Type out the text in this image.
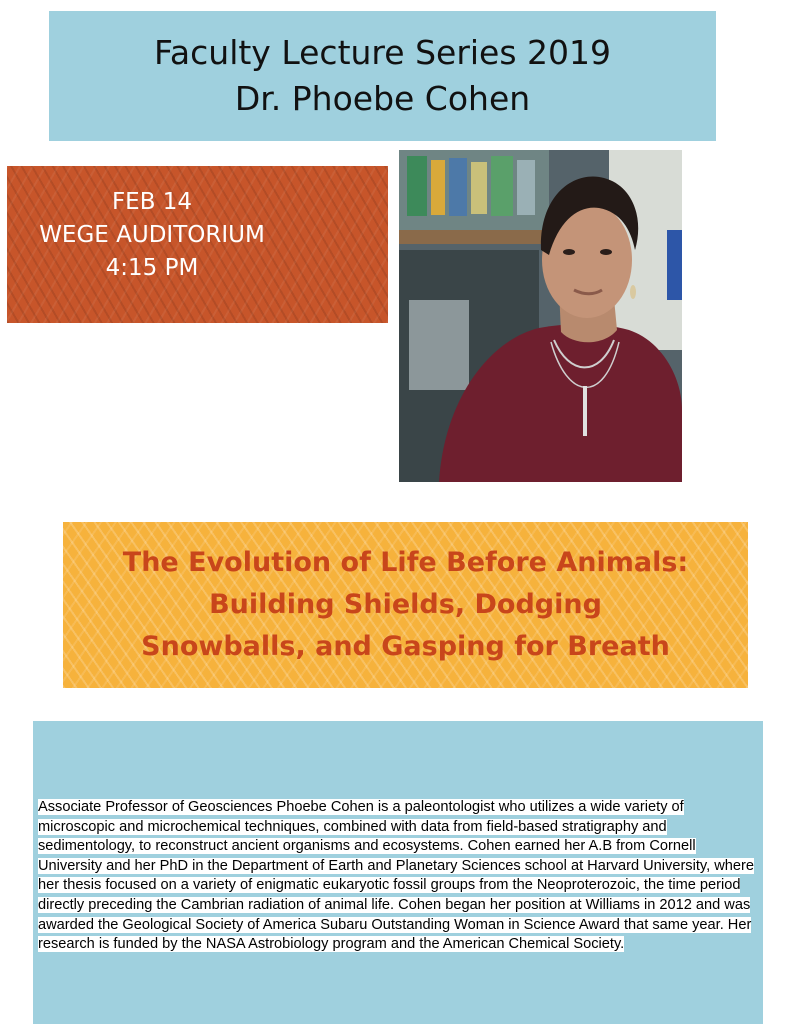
Faculty Lecture Series 2019
Dr. Phoebe Cohen
FEB 14
WEGE AUDITORIUM
4:15 PM
The Evolution of Life Before Animals:
Building Shields, Dodging
Snowballs, and Gasping for Breath
Associate Professor of Geosciences Phoebe Cohen is a paleontologist who utilizes a wide variety of microscopic and microchemical techniques, combined with data from field-based stratigraphy and sedimentology, to reconstruct ancient organisms and ecosystems. Cohen earned her A.B from Cornell University and her PhD in the Department of Earth and Planetary Sciences school at Harvard University, where her thesis focused on a variety of enigmatic eukaryotic fossil groups from the Neoproterozoic, the time period directly preceding the Cambrian radiation of animal life. Cohen began her position at Williams in 2012 and was awarded the Geological Society of America Subaru Outstanding Woman in Science Award that same year. Her research is funded by the NASA Astrobiology program and the American Chemical Society.
